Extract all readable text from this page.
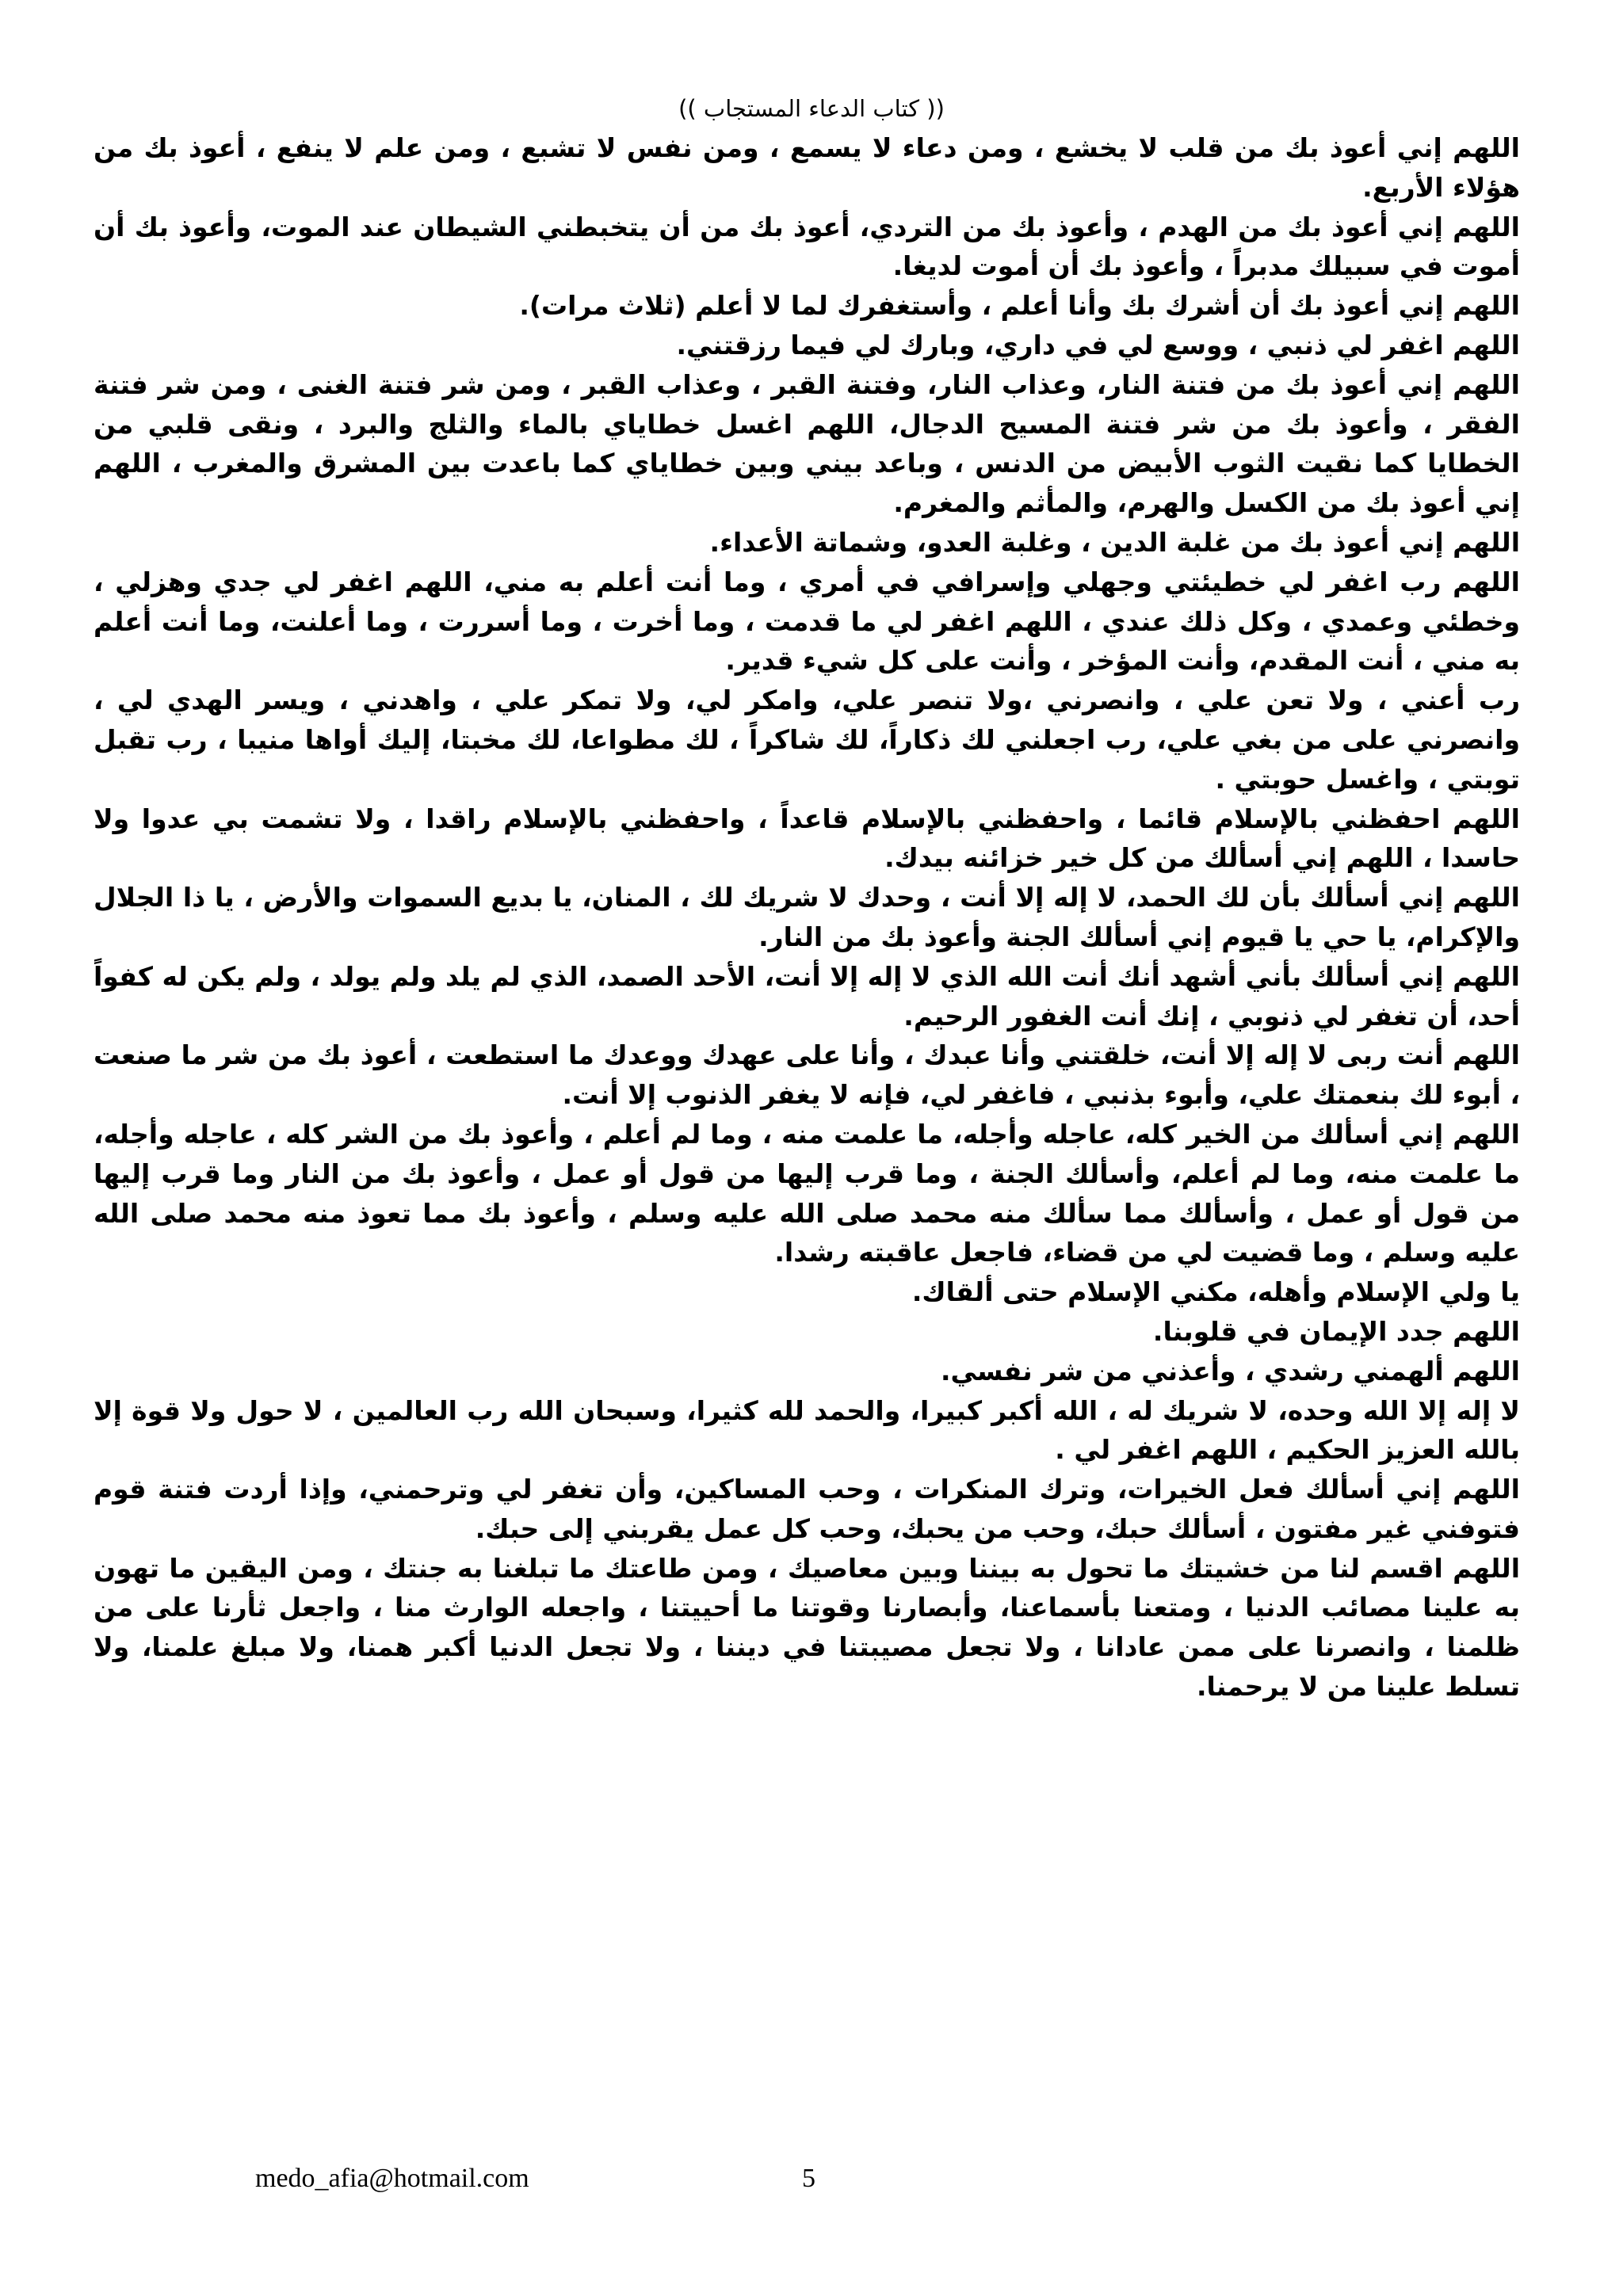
(( كتاب الدعاء المستجاب ))

اللهم إني أعوذ بك من قلب لا يخشع ، ومن دعاء لا يسمع ، ومن نفس لا تشبع ، ومن علم لا ينفع ، أعوذ بك من هؤلاء الأربع.

اللهم إني أعوذ بك من الهدم ، وأعوذ بك من التردي، أعوذ بك من أن يتخبطني الشيطان عند الموت، وأعوذ بك أن أموت في سبيلك مدبراً ، وأعوذ بك أن أموت لديغا.

اللهم إني أعوذ بك أن أشرك بك وأنا أعلم ، وأستغفرك لما لا أعلم (ثلاث مرات).

اللهم اغفر لي ذنبي ، ووسع لي في داري، وبارك لي فيما رزقتني.

اللهم إني أعوذ بك من فتنة النار، وعذاب النار، وفتنة القبر ، وعذاب القبر ، ومن شر فتنة الغنى ، ومن شر فتنة الفقر ، وأعوذ بك من شر فتنة المسيح الدجال، اللهم اغسل خطاياي بالماء والثلج والبرد ، ونقى قلبي من الخطايا كما نقيت الثوب الأبيض من الدنس ، وباعد بيني وبين خطاياي كما باعدت بين المشرق والمغرب ، اللهم إني أعوذ بك من الكسل والهرم، والمأثم والمغرم.

اللهم إني أعوذ بك من غلبة الدين ، وغلبة العدو، وشماتة الأعداء.

اللهم رب اغفر لي خطيئتي وجهلي وإسرافي في أمري ، وما أنت أعلم به مني، اللهم اغفر لي جدي وهزلي ، وخطئي وعمدي ، وكل ذلك عندي ، اللهم اغفر لي ما قدمت ، وما أخرت ، وما أسررت ، وما أعلنت، وما أنت أعلم به مني ، أنت المقدم، وأنت المؤخر ، وأنت على كل شيء قدير.

رب أعني ، ولا تعن علي ، وانصرني ،ولا تنصر علي، وامكر لي، ولا تمكر علي ، واهدني ، ويسر الهدي لي ، وانصرني على من بغي علي، رب اجعلني لك ذكاراً، لك شاكراً ، لك مطواعا، لك مخبتا، إليك أواها منيبا ، رب تقبل توبتي ، واغسل حوبتي .

اللهم احفظني بالإسلام قائما ، واحفظني بالإسلام قاعداً ، واحفظني بالإسلام راقدا ، ولا تشمت بي عدوا ولا حاسدا ، اللهم إني أسألك من كل خير خزائنه بيدك.

اللهم إني أسألك بأن لك الحمد، لا إله إلا أنت ، وحدك لا شريك لك ، المنان، يا بديع السموات والأرض ، يا ذا الجلال والإكرام، يا حي يا قيوم إني أسألك الجنة وأعوذ بك من النار.

اللهم إني أسألك بأني أشهد أنك أنت الله الذي لا إله إلا أنت، الأحد الصمد، الذي لم يلد ولم يولد ، ولم يكن له كفواً أحد، أن تغفر لي ذنوبي ، إنك أنت الغفور الرحيم.

اللهم أنت ربى لا إله إلا أنت، خلقتني وأنا عبدك ، وأنا على عهدك ووعدك ما استطعت ، أعوذ بك من شر ما صنعت ، أبوء لك بنعمتك علي، وأبوء بذنبي ، فاغفر لي، فإنه لا يغفر الذنوب إلا أنت.

اللهم إني أسألك من الخير كله، عاجله وأجله، ما علمت منه ، وما لم أعلم ، وأعوذ بك من الشر كله ، عاجله وأجله، ما علمت منه، وما لم أعلم، وأسألك الجنة ، وما قرب إليها من قول أو عمل ، وأعوذ بك من النار وما قرب إليها من قول أو عمل ، وأسألك مما سألك منه محمد صلى الله عليه وسلم ، وأعوذ بك مما تعوذ منه محمد صلى الله عليه وسلم ، وما قضيت لي من قضاء، فاجعل عاقبته رشدا.

يا ولي الإسلام وأهله، مكني الإسلام حتى ألقاك.

اللهم جدد الإيمان في قلوبنا.

اللهم ألهمني رشدي ، وأعذني من شر نفسي.

لا إله إلا الله وحده، لا شريك له ، الله أكبر كبيرا، والحمد لله كثيرا، وسبحان الله رب العالمين ، لا حول ولا قوة إلا بالله العزيز الحكيم ، اللهم اغفر لي .

اللهم إني أسألك فعل الخيرات، وترك المنكرات ، وحب المساكين، وأن تغفر لي وترحمني، وإذا أردت فتنة قوم فتوفني غير مفتون ، أسألك حبك، وحب من يحبك، وحب كل عمل يقربني إلى حبك.

اللهم اقسم لنا من خشيتك ما تحول به بيننا وبين معاصيك ، ومن طاعتك ما تبلغنا به جنتك ، ومن اليقين ما تهون به علينا مصائب الدنيا ، ومتعنا بأسماعنا، وأبصارنا وقوتنا ما أحييتنا ، واجعله الوارث منا ، واجعل ثأرنا على من ظلمنا ، وانصرنا على ممن عادانا ، ولا تجعل مصيبتنا في ديننا ، ولا تجعل الدنيا أكبر همنا، ولا مبلغ علمنا، ولا تسلط علينا من لا يرحمنا.

medo_afia@hotmail.com	5
